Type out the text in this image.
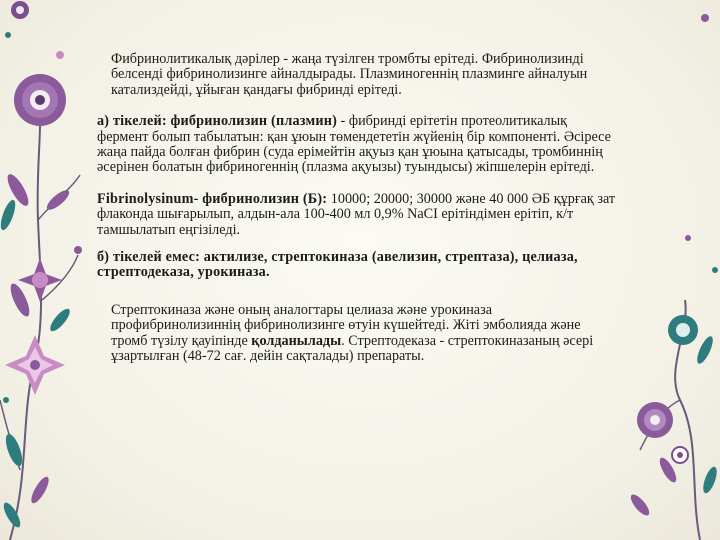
Фибринолитикалық дәрілер - жаңа түзілген тромбты ерітеді. Фибринолизинді белсенді фибринолизинге айналдырады. Плазминогеннің плазминге айналуын катализдейді, ұйыған қандағы фибринді ерітеді.

а) тікелей: фибринолизин (плазмин) - фибринді ерітетін протеолитикалық фермент болып табылатын: қан ұюын төмендететін жүйенің бір компоненті. Әсіресе жаңа пайда болған фибрин (суда ерімейтін ақуыз қан ұюына қатысады, тромбиннің әсерінен болатын фибриногеннің (плазма ақуызы) туындысы) жіпшелерін ерітеді.

Fibrinolysinum- фибринолизин (Б): 10000; 20000; 30000 және 40 000 ӘБ құрғақ зат флаконда шығарылып, алдын-ала 100-400 мл 0,9% NaCI ерітіндімен ерітіп, к/т тамшылатып еңгізіледі.

б) тікелей емес: актилизе, стрептокиназа (авелизин, стрептаза), целиаза, стрептодеказа, урокиназа.

Стрептокиназа және оның аналогтары целиаза және урокиназа профибринолизиннің фибринолизинге өтуін күшейтеді. Жіті эмболияда және тромб түзілу қауіпінде қолданылады. Стрептодеказа - стрептокиназаның әсері ұзартылған (48-72 сағ. дейін сақталады) препараты.
